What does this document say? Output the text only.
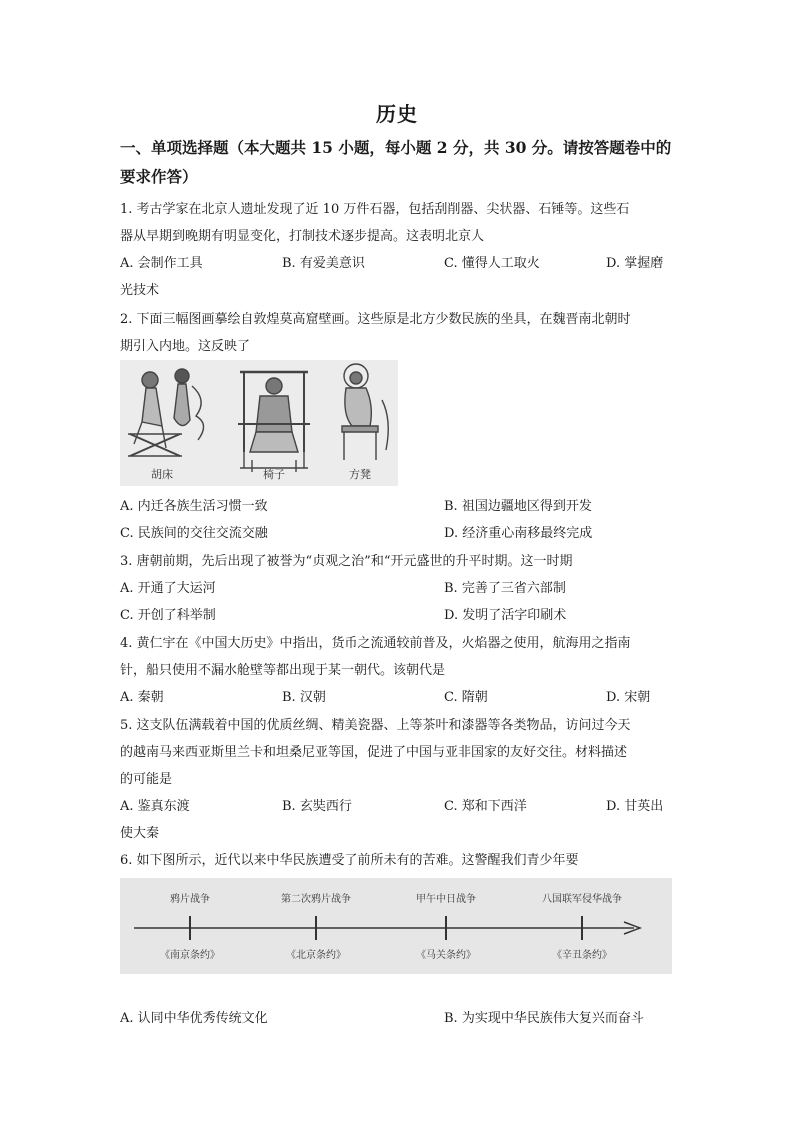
历史
一、单项选择题（本大题共 15 小题，每小题 2 分，共 30 分。请按答题卷中的
要求作答）
1. 考古学家在北京人遗址发现了近 10 万件石器，包括刮削器、尖状器、石锤等。这些石
器从早期到晚期有明显变化，打制技术逐步提高。这表明北京人
A. 会制作工具	B. 有爱美意识	C. 懂得人工取火	D. 掌握磨
光技术
2. 下面三幅图画摹绘自敦煌莫高窟壁画。这些原是北方少数民族的坐具，在魏晋南北朝时
期引入内地。这反映了
胡床	椅子	方凳
A. 内迁各族生活习惯一致	B. 祖国边疆地区得到开发
C. 民族间的交往交流交融	D. 经济重心南移最终完成
3. 唐朝前期，先后出现了被誉为“贞观之治”和“开元盛世的升平时期。这一时期
A. 开通了大运河	B. 完善了三省六部制
C. 开创了科举制	D. 发明了活字印刷术
4. 黄仁宇在《中国大历史》中指出，货币之流通较前普及，火焰器之使用，航海用之指南
针，船只使用不漏水舱壁等都出现于某一朝代。该朝代是
A. 秦朝	B. 汉朝	C. 隋朝	D. 宋朝
5. 这支队伍满载着中国的优质丝绸、精美瓷器、上等茶叶和漆器等各类物品，访问过今天
的越南马来西亚斯里兰卡和坦桑尼亚等国，促进了中国与亚非国家的友好交往。材料描述
的可能是
A. 鉴真东渡	B. 玄奘西行	C. 郑和下西洋	D. 甘英出
使大秦
6. 如下图所示，近代以来中华民族遭受了前所未有的苦难。这警醒我们青少年要
鸦片战争	第二次鸦片战争	甲午中日战争	八国联军侵华战争
《南京条约》	《北京条约》	《马关条约》	《辛丑条约》
A. 认同中华优秀传统文化	B. 为实现中华民族伟大复兴而奋斗
